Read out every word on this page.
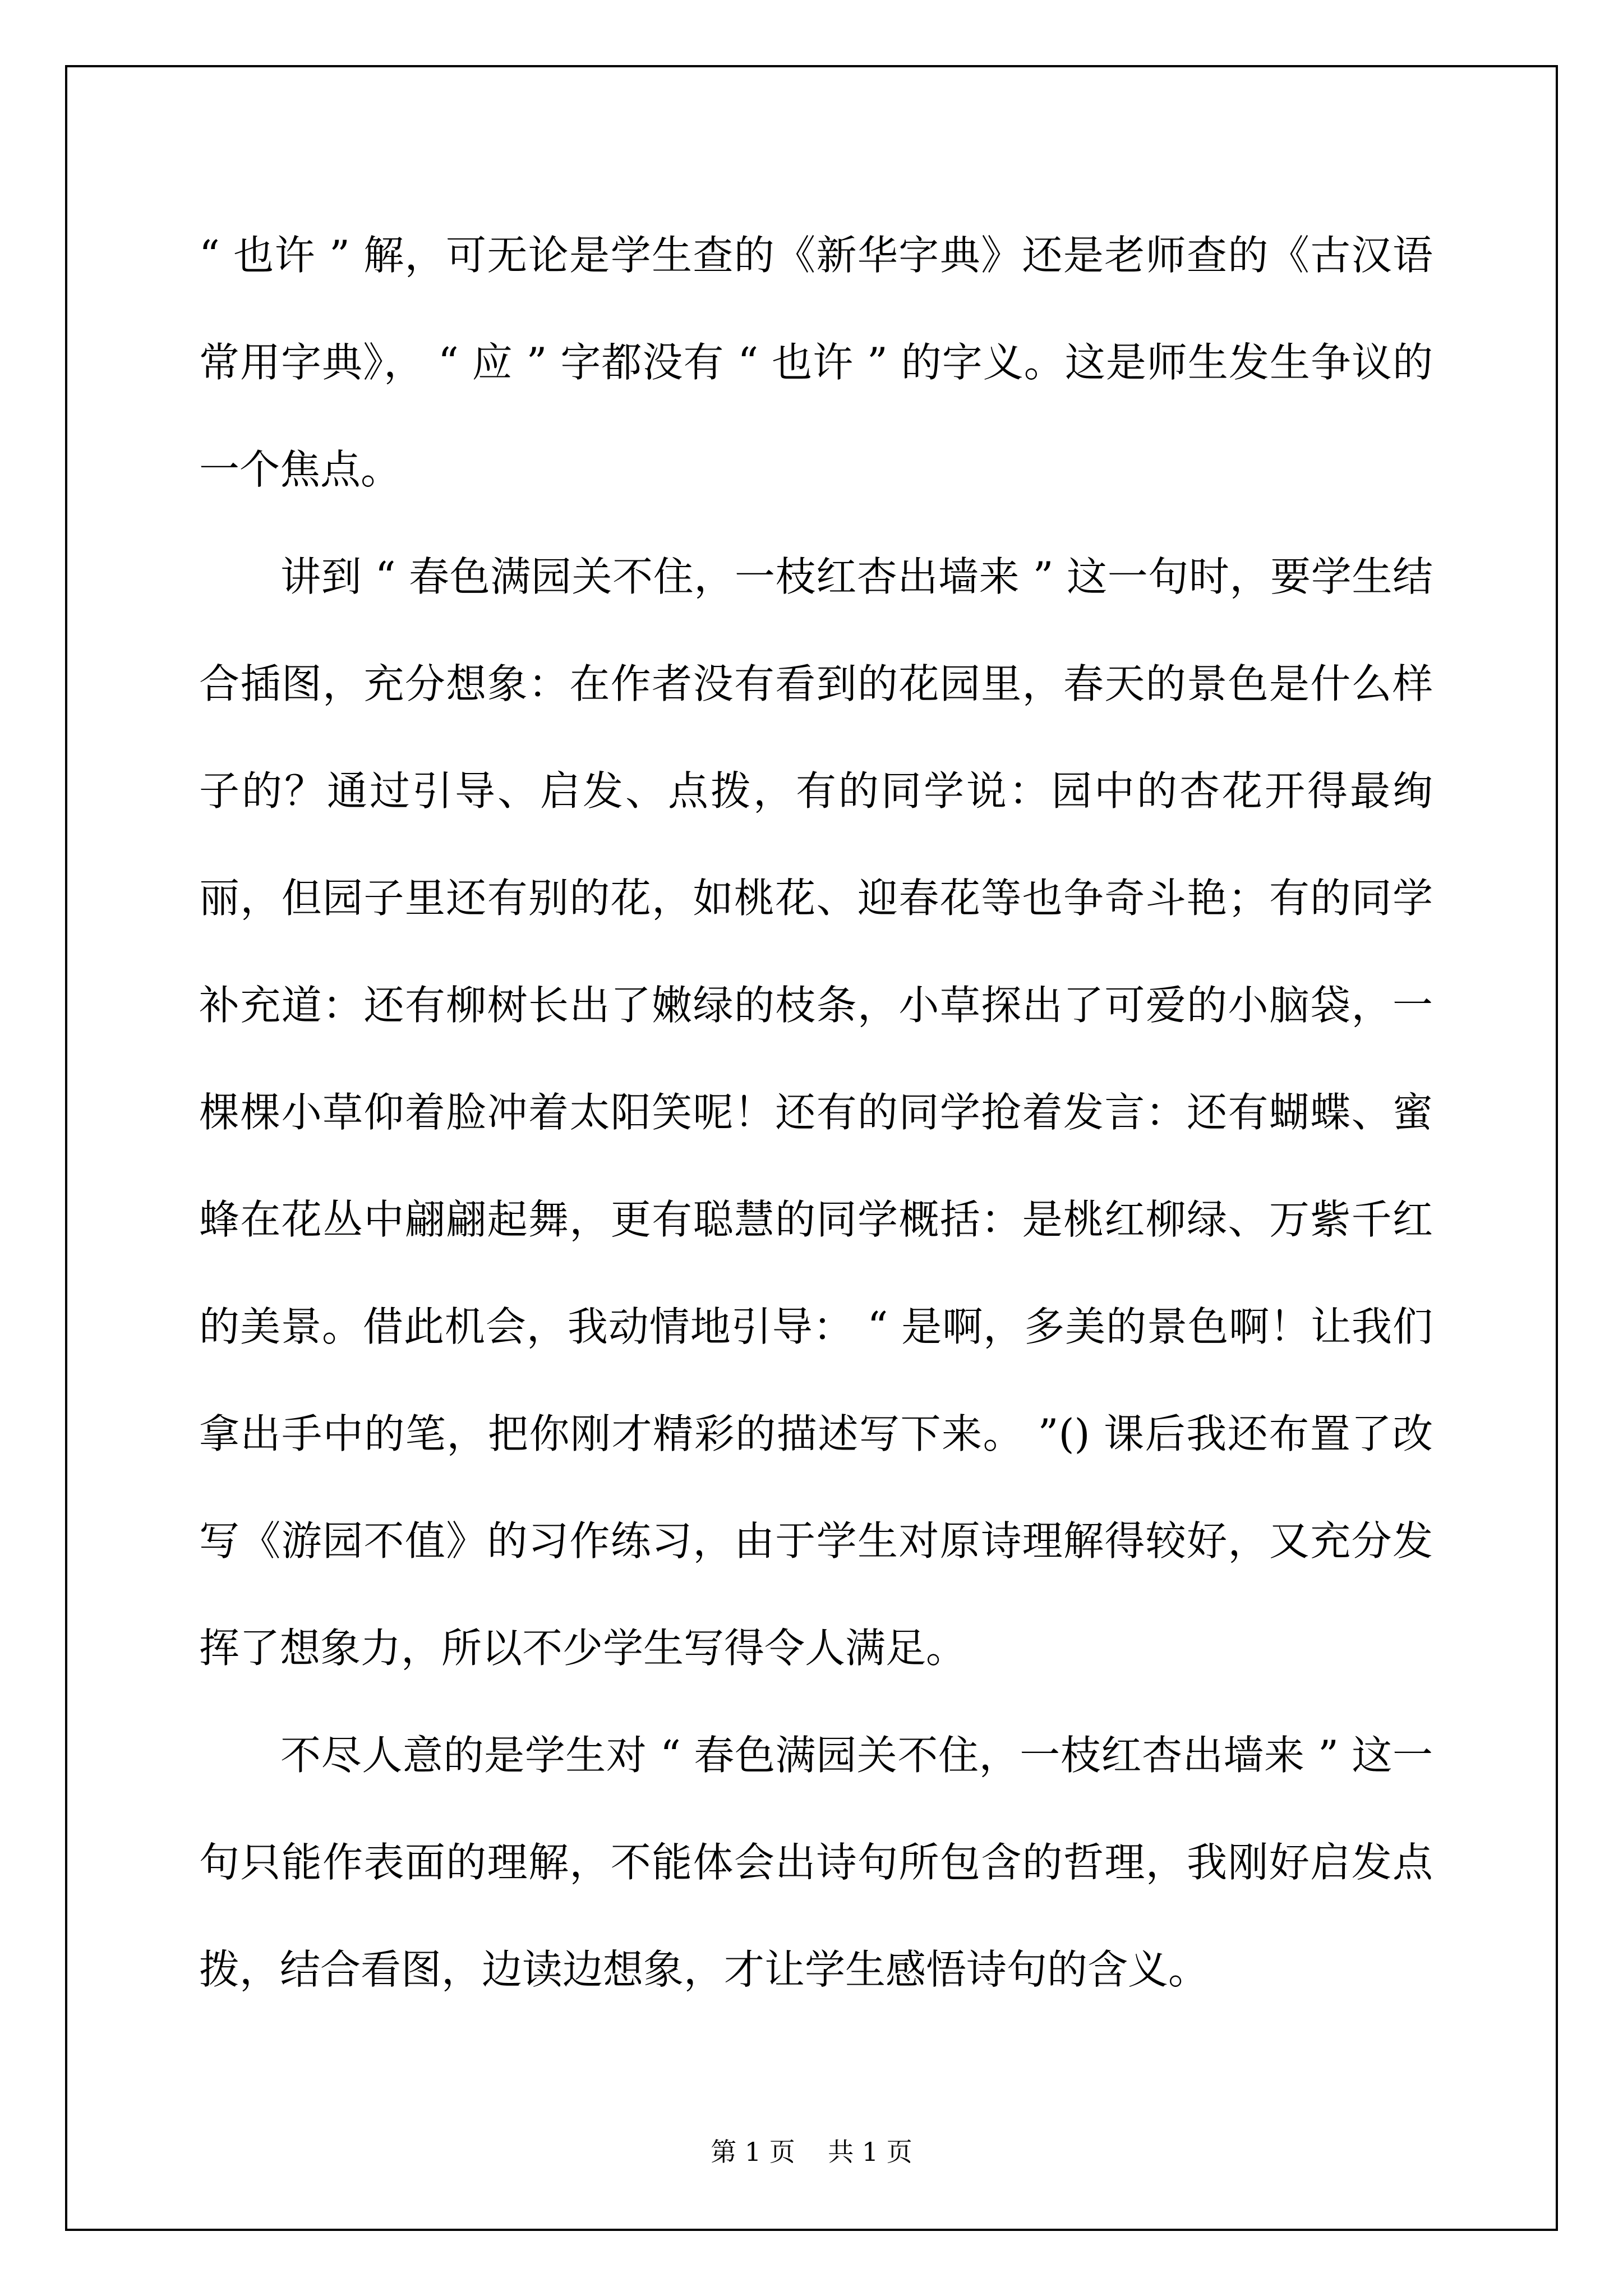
“ 也许 ” 解，可无论是学生查的《新华字典》还是老师查的《古汉语常用字典》， “ 应 ” 字都没有 “ 也许 ” 的字义。这是师生发生争议的一个焦点。

讲到 “ 春色满园关不住，一枝红杏出墙来 ” 这一句时，要学生结合插图，充分想象：在作者没有看到的花园里，春天的景色是什么样子的？通过引导、启发、点拨，有的同学说：园中的杏花开得最绚丽，但园子里还有别的花，如桃花、迎春花等也争奇斗艳；有的同学补充道：还有柳树长出了嫩绿的枝条，小草探出了可爱的小脑袋，一棵棵小草仰着脸冲着太阳笑呢！还有的同学抢着发言：还有蝴蝶、蜜蜂在花丛中翩翩起舞，更有聪慧的同学概括：是桃红柳绿、万紫千红的美景。借此机会，我动情地引导： “ 是啊，多美的景色啊！让我们拿出手中的笔，把你刚才精彩的描述写下来。 ”() 课后我还布置了改写《游园不值》的习作练习，由于学生对原诗理解得较好，又充分发挥了想象力，所以不少学生写得令人满足。

不尽人意的是学生对 “ 春色满园关不住，一枝红杏出墙来 ” 这一句只能作表面的理解，不能体会出诗句所包含的哲理，我刚好启发点拨，结合看图，边读边想象，才让学生感悟诗句的含义。

第 1 页    共 1 页
